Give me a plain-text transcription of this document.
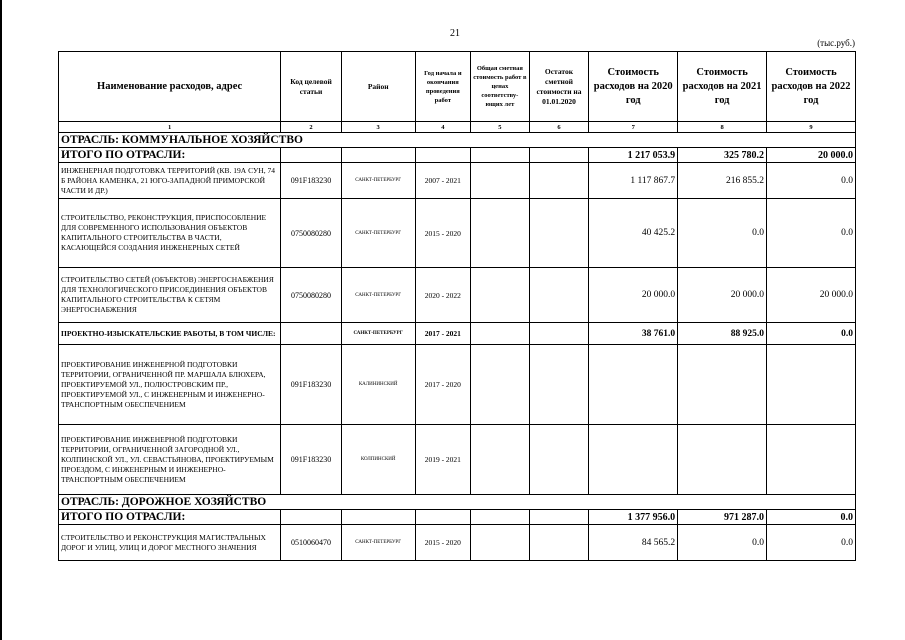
21
(тыс.руб.)
Наименование расходов, адрес	Код целевой статьи	Район	Год начала и окончания проведения работ	Общая сметная стоимость работ в ценах соответству-ющих лет	Остаток сметной стоимости на 01.01.2020	Стоимость расходов на 2020 год	Стоимость расходов на 2021 год	Стоимость расходов на 2022 год
1	2	3	4	5	6	7	8	9
ОТРАСЛЬ: КОММУНАЛЬНОЕ ХОЗЯЙСТВО								
ИТОГО ПО ОТРАСЛИ:						1 217 053.9	325 780.2	20 000.0
ИНЖЕНЕРНАЯ ПОДГОТОВКА ТЕРРИТОРИЙ (КВ. 19А СУН, 74 Б РАЙОНА КАМЕНКА, 21 ЮГО-ЗАПАДНОЙ ПРИМОРСКОЙ ЧАСТИ И ДР.)	091F183230	САНКТ-ПЕТЕРБУРГ	2007 - 2021			1 117 867.7	216 855.2	0.0
СТРОИТЕЛЬСТВО, РЕКОНСТРУКЦИЯ, ПРИСПОСОБЛЕНИЕ ДЛЯ СОВРЕМЕННОГО ИСПОЛЬЗОВАНИЯ ОБЪЕКТОВ КАПИТАЛЬНОГО СТРОИТЕЛЬСТВА В ЧАСТИ, КАСАЮЩЕЙСЯ СОЗДАНИЯ ИНЖЕНЕРНЫХ СЕТЕЙ	0750080280	САНКТ-ПЕТЕРБУРГ	2015 - 2020			40 425.2	0.0	0.0
СТРОИТЕЛЬСТВО СЕТЕЙ (ОБЪЕКТОВ) ЭНЕРГОСНАБЖЕНИЯ ДЛЯ ТЕХНОЛОГИЧЕСКОГО ПРИСОЕДИНЕНИЯ ОБЪЕКТОВ КАПИТАЛЬНОГО СТРОИТЕЛЬСТВА К СЕТЯМ ЭНЕРГОСНАБЖЕНИЯ	0750080280	САНКТ-ПЕТЕРБУРГ	2020 - 2022			20 000.0	20 000.0	20 000.0
ПРОЕКТНО-ИЗЫСКАТЕЛЬСКИЕ РАБОТЫ, В ТОМ ЧИСЛЕ:		САНКТ-ПЕТЕРБУРГ	2017 - 2021			38 761.0	88 925.0	0.0
ПРОЕКТИРОВАНИЕ ИНЖЕНЕРНОЙ ПОДГОТОВКИ ТЕРРИТОРИИ, ОГРАНИЧЕННОЙ ПР. МАРШАЛА БЛЮХЕРА, ПРОЕКТИРУЕМОЙ УЛ., ПОЛЮСТРОВСКИМ ПР., ПРОЕКТИРУЕМОЙ УЛ., С ИНЖЕНЕРНЫМ И ИНЖЕНЕРНО-ТРАНСПОРТНЫМ ОБЕСПЕЧЕНИЕМ	091F183230	КАЛИНИНСКИЙ	2017 - 2020					
ПРОЕКТИРОВАНИЕ ИНЖЕНЕРНОЙ ПОДГОТОВКИ ТЕРРИТОРИИ, ОГРАНИЧЕННОЙ ЗАГОРОДНОЙ УЛ., КОЛПИНСКОЙ УЛ., УЛ. СЕВАСТЬЯНОВА, ПРОЕКТИРУЕМЫМ ПРОЕЗДОМ, С ИНЖЕНЕРНЫМ И ИНЖЕНЕРНО-ТРАНСПОРТНЫМ ОБЕСПЕЧЕНИЕМ	091F183230	КОЛПИНСКИЙ	2019 - 2021					
ОТРАСЛЬ: ДОРОЖНОЕ ХОЗЯЙСТВО								
ИТОГО ПО ОТРАСЛИ:						1 377 956.0	971 287.0	0.0
СТРОИТЕЛЬСТВО И РЕКОНСТРУКЦИЯ МАГИСТРАЛЬНЫХ ДОРОГ И УЛИЦ, УЛИЦ И ДОРОГ МЕСТНОГО ЗНАЧЕНИЯ	0510060470	САНКТ-ПЕТЕРБУРГ	2015 - 2020			84 565.2	0.0	0.0
